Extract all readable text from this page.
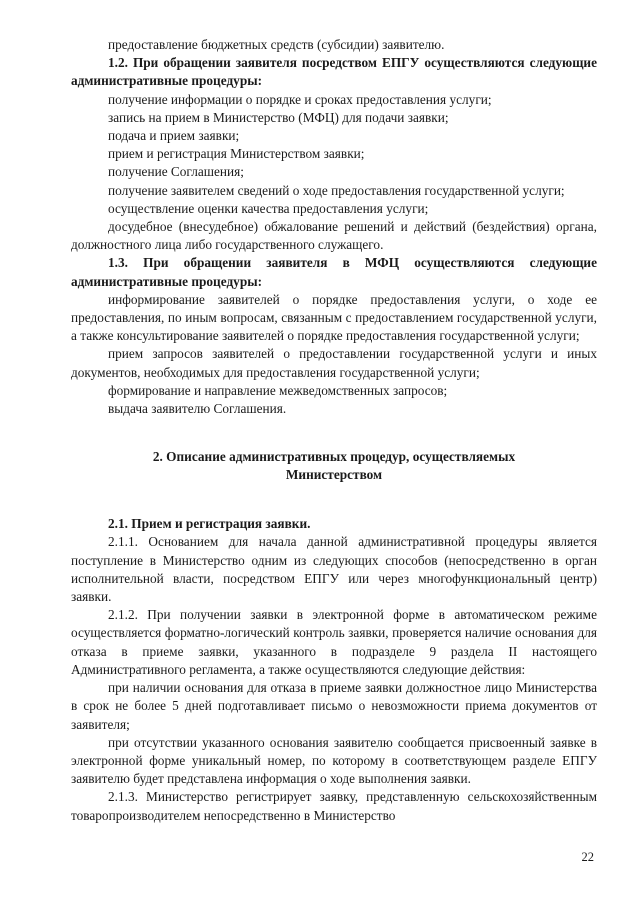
предоставление бюджетных средств (субсидии) заявителю.

1.2. При обращении заявителя посредством ЕПГУ осуществляются следующие административные процедуры:

получение информации о порядке и сроках предоставления услуги;

запись на прием в Министерство (МФЦ) для подачи заявки;

подача и прием заявки;

прием и регистрация Министерством заявки;

получение Соглашения;

получение заявителем сведений о ходе предоставления государственной услуги;

осуществление оценки качества предоставления услуги;

досудебное (внесудебное) обжалование решений и действий (бездействия) органа, должностного лица либо государственного служащего.

1.3. При обращении заявителя в МФЦ осуществляются следующие административные процедуры:

информирование заявителей о порядке предоставления услуги, о ходе ее предоставления, по иным вопросам, связанным с предоставлением государственной услуги, а также консультирование заявителей о порядке предоставления государственной услуги;

прием запросов заявителей о предоставлении государственной услуги и иных документов, необходимых для предоставления государственной услуги;

формирование и направление межведомственных запросов;

выдача заявителю Соглашения.

2. Описание административных процедур, осуществляемых Министерством

2.1. Прием и регистрация заявки.

2.1.1. Основанием для начала данной административной процедуры является поступление в Министерство одним из следующих способов (непосредственно в орган исполнительной власти, посредством ЕПГУ или через многофункциональный центр) заявки.

2.1.2. При получении заявки в электронной форме в автоматическом режиме осуществляется форматно-логический контроль заявки, проверяется наличие основания для отказа в приеме заявки, указанного в подразделе 9 раздела II настоящего Административного регламента, а также осуществляются следующие действия:

при наличии основания для отказа в приеме заявки должностное лицо Министерства в срок не более 5 дней подготавливает письмо о невозможности приема документов от заявителя;

при отсутствии указанного основания заявителю сообщается присвоенный заявке в электронной форме уникальный номер, по которому в соответствующем разделе ЕПГУ заявителю будет представлена информация о ходе выполнения заявки.

2.1.3. Министерство регистрирует заявку, представленную сельскохозяйственным товаропроизводителем непосредственно в Министерство

22
